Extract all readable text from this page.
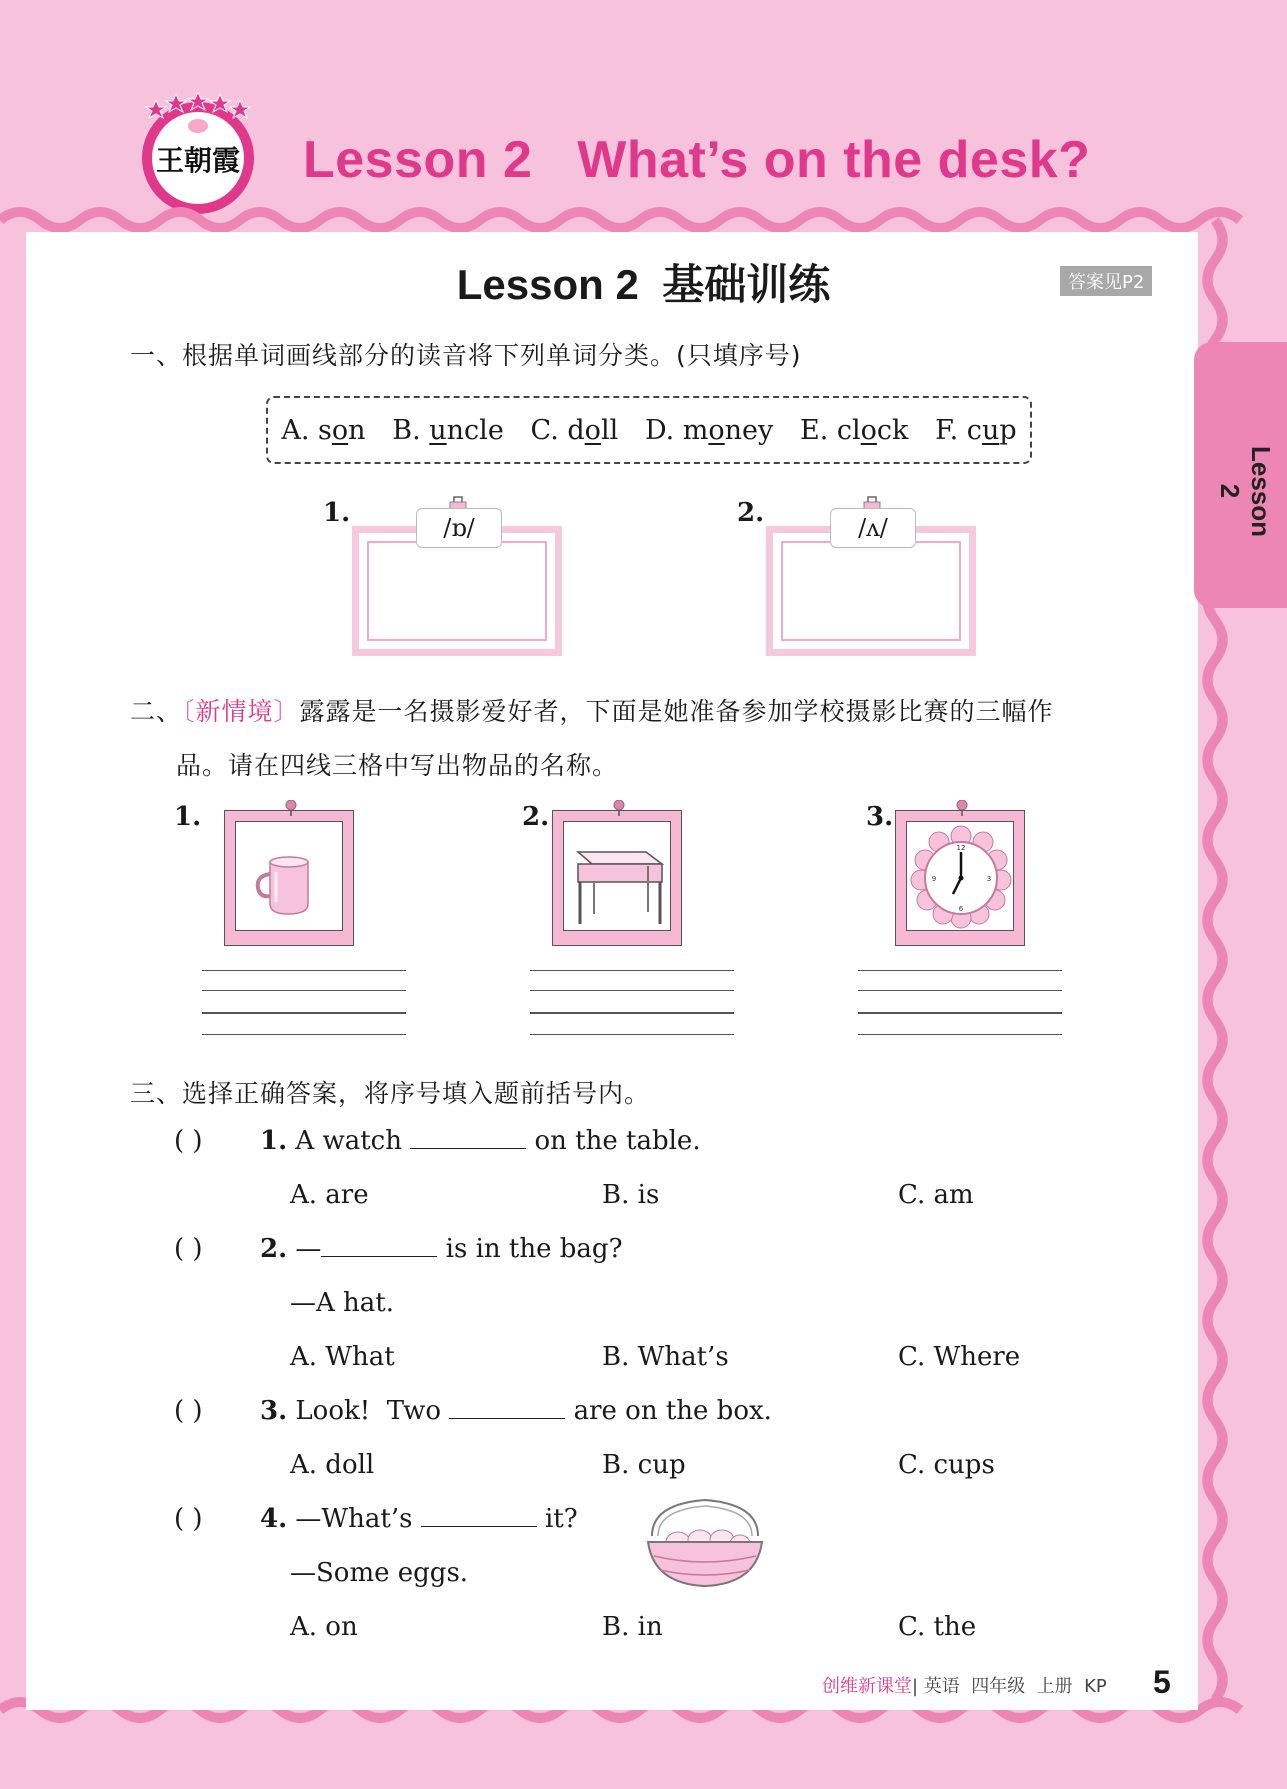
王朝霞 Lesson 2   What’s on the desk?
Lesson 2
Lesson 2  基础训练	答案见P2
一、根据单词画线部分的读音将下列单词分类。(只填序号)
A. son B. uncle C. doll D. money E. clock F. cup
1.	/ɒ/	2.	/ʌ/
二、〔新情境〕露露是一名摄影爱好者，下面是她准备参加学校摄影比赛的三幅作
品。请在四线三格中写出物品的名称。
1.	2.	3.
12
3
6
9
三、选择正确答案，将序号填入题前括号内。
( ) 1. A watch	on the table.
A. are	B. is	C. am
( ) 2. —	is in the bag?
—A hat.
A. What	B. What’s	C. Where
( ) 3. Look!  Two	are on the box.
A. doll	B. cup	C. cups
( ) 4. —What’s	it?
—Some eggs.
A. on	B. in	C. the
创维新课堂| 英语  四年级  上册  KP 5
